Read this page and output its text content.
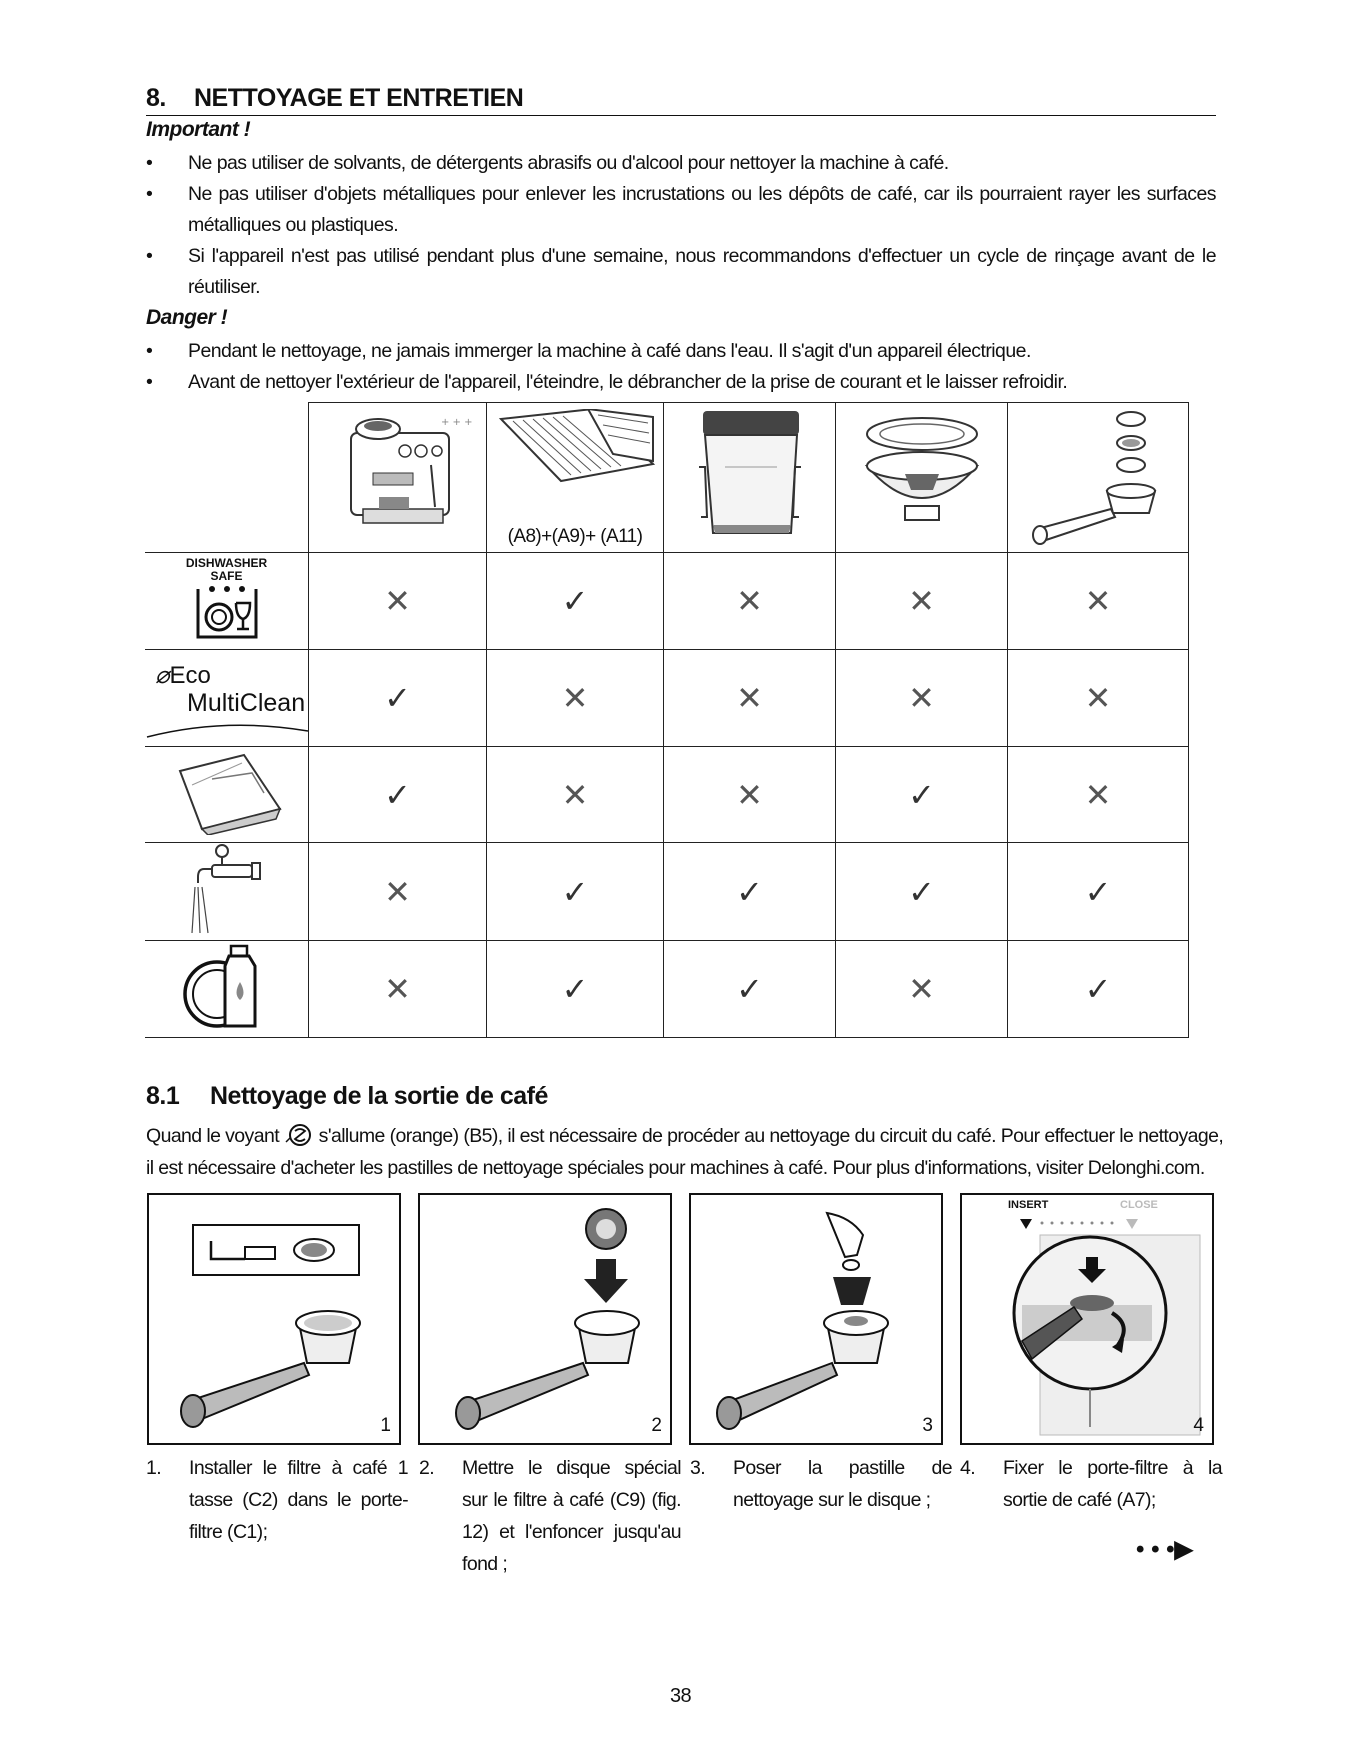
8. NETTOYAGE ET ENTRETIEN
Important !
• Ne pas utiliser de solvants, de détergents abrasifs ou d'alcool pour nettoyer la machine à café.
• Ne pas utiliser d'objets métalliques pour enlever les incrustations ou les dépôts de café, car ils pourraient rayer les surfaces métalliques ou plastiques.
• Si l'appareil n'est pas utilisé pendant plus d'une semaine, nous recommandons d'effectuer un cycle de rinçage avant de le réutiliser.
Danger !
• Pendant le nettoyage, ne jamais immerger la machine à café dans l'eau. Il s'agit d'un appareil électrique.
• Avant de nettoyer l'extérieur de l'appareil, l'éteindre, le débrancher de la prise de courant et le laisser refroidir.

+ + +	(A8)+(A9)+ (A11)

DISHWASHER
SAFE	✕	✓	✕	✕	✕

⌀Eco
MultiClean	✓	✕	✕	✕	✕
	✓	✕	✕	✓	✕
	✕	✓	✓	✓	✓
	✕	✓	✓	✕	✓
8.1 Nettoyage de la sortie de café
Quand le voyant s'allume (orange) (B5), il est nécessaire de procéder au nettoyage du circuit du café. Pour effectuer le nettoyage,
il est nécessaire d'acheter les pastilles de nettoyage spéciales pour machines à café. Pour plus d'informations, visiter Delonghi.com.
1	2	3
INSERT	CLOSE
4
1. Installer le filtre à café 1 tasse (C2) dans le porte-filtre (C1);
2. Mettre le disque spécial sur le filtre à café (C9) (fig. 12) et l'enfoncer jusqu'au fond ;
3. Poser la pastille de nettoyage sur le disque ;
4. Fixer le porte-filtre à la sortie de café (A7);
• • •▶
38
